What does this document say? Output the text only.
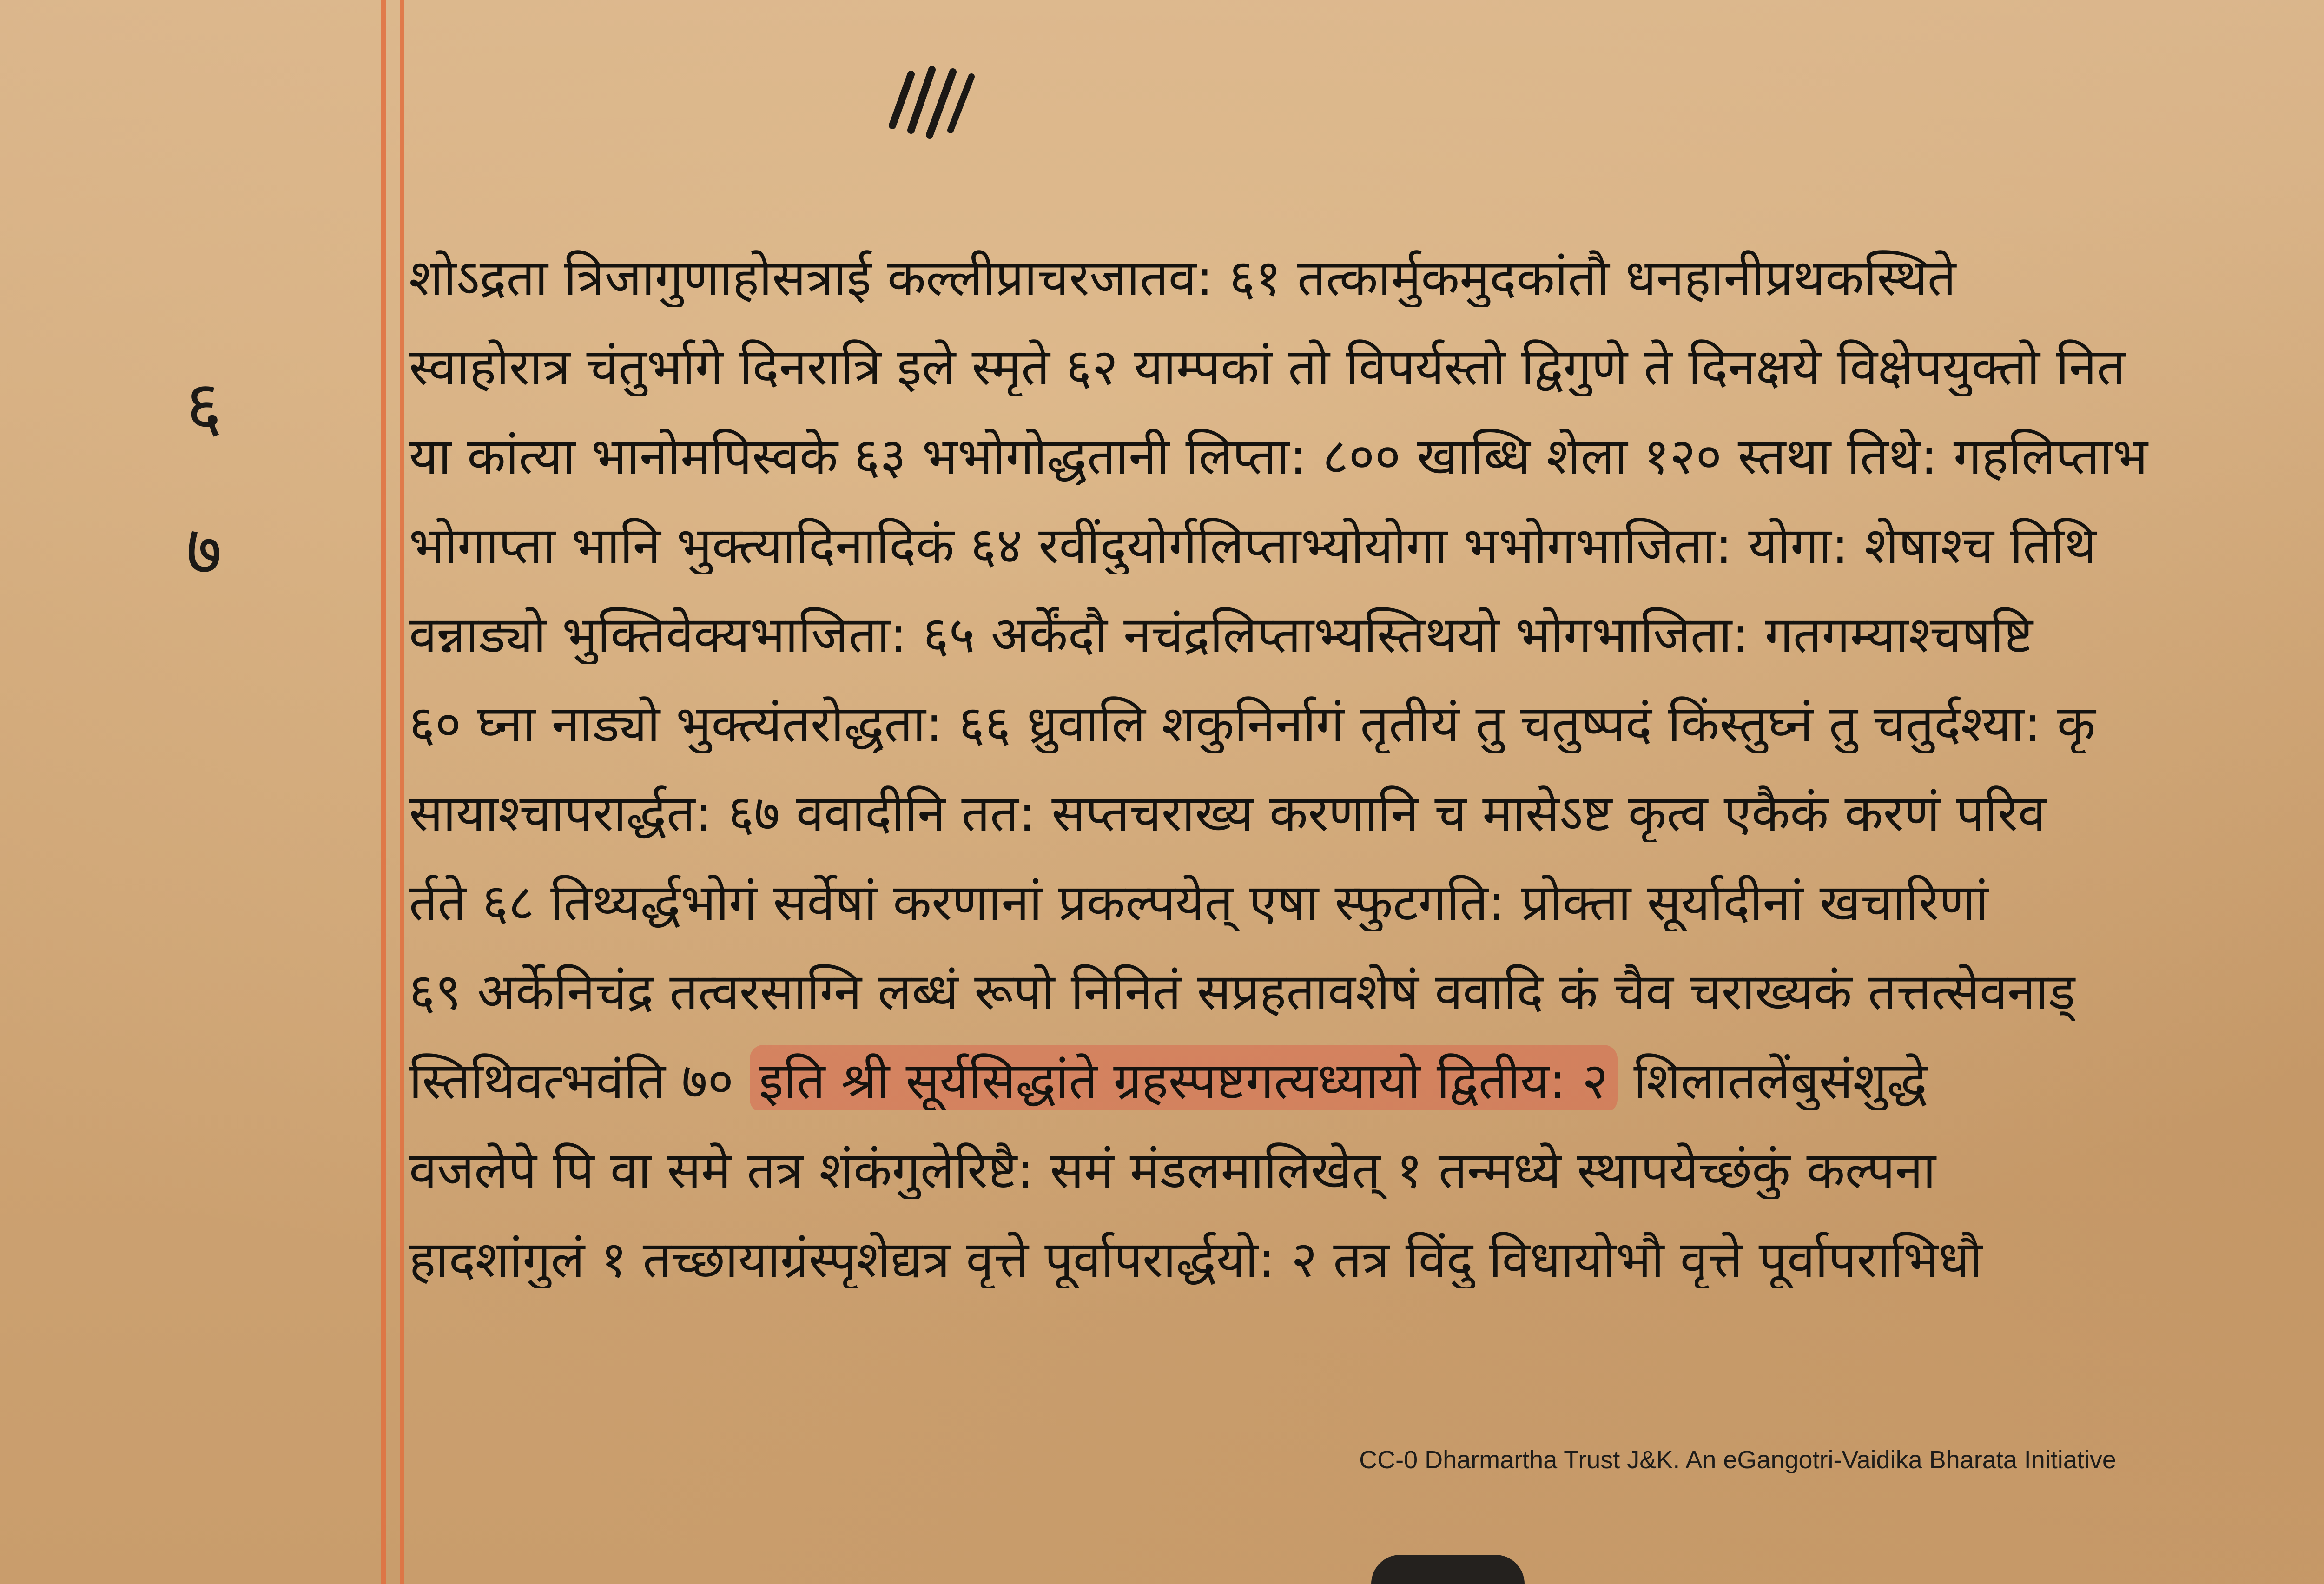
६
७
शोऽद्रता त्रिजागुणाहोसत्राई कल्लीप्राचरजातव: ६१ तत्कार्मुकमुदकांतौ धनहानीप्रथकस्थिते
स्वाहोरात्र चंतुर्भागे दिनरात्रि इले स्मृते ६२ याम्पकां तो विपर्यस्तो द्विगुणे ते दिनक्षये विक्षेपयुक्तो नित
या कांत्या भानोमपिस्वके ६३ भभोगोद्धृतानी लिप्ता: ८०० खाब्धि शेला १२० स्तथा तिथे: गहलिप्ताभ
भोगाप्ता भानि भुक्त्यादिनादिकं ६४ रवींदुयोर्गलिप्ताभ्योयोगा भभोगभाजिता: योगा: शेषाश्च तिथि
वन्नाड्यो भुक्तिवेक्यभाजिता: ६५ अर्केंदौ नचंद्रलिप्ताभ्यस्तिथयो भोगभाजिता: गतगम्याश्चषष्टि
६० घ्ना नाड्यो भुक्त्यंतरोद्धृता: ६६ ध्रुवालि शकुनिर्नागं तृतीयं तु चतुष्पदं किंस्तुघ्नं तु चतुर्दश्या: कृ
सायाश्चापरार्द्धत: ६७ ववादीनि तत: सप्तचराख्य करणानि च मासेऽष्ट कृत्व एकैकं करणं परिव
र्तते ६८ तिथ्यर्द्धभोगं सर्वेषां करणानां प्रकल्पयेत् एषा स्फुटगति: प्रोक्ता सूर्यादीनां खचारिणां
६९ अर्केनिचंद्र तत्वरसाग्नि लब्धं रूपो निनितं सप्रहतावशेषं ववादि कं चैव चराख्यकं तत्तत्सेवनाड्
स्तिथिवत्भवंति ७० इति श्री सूर्यसिद्धांते ग्रहस्पष्टगत्यध्यायो द्वितीय: २ शिलातलेंबुसंशुद्धे
वजलेपे पि वा समे तत्र शंकंगुलेरिष्टै: समं मंडलमालिखेत् १ तन्मध्ये स्थापयेच्छंकुं कल्पना
हादशांगुलं १ तच्छायाग्रंस्पृशेद्यत्र वृत्ते पूर्वापरार्द्धयो: २ तत्र विंदु विधायोभौ वृत्ते पूर्वापराभिधौ
CC-0 Dharmartha Trust J&K. An eGangotri-Vaidika Bharata Initiative
